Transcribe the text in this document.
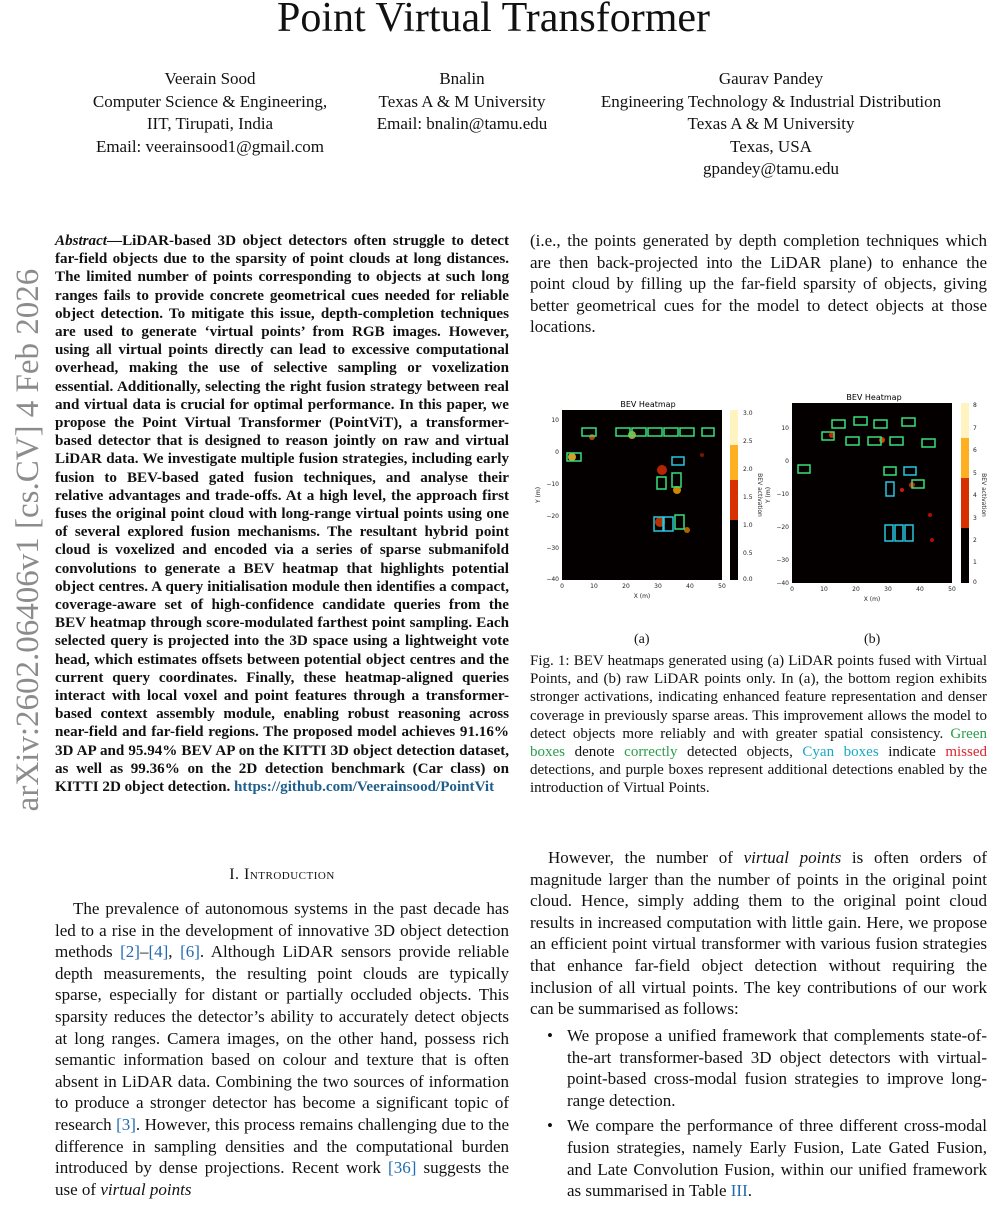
Point Virtual Transformer
Veerain Sood
Computer Science & Engineering,
IIT, Tirupati, India
Email: veerainsood1@gmail.com
Bnalin
Texas A & M University
Email: bnalin@tamu.edu
Gaurav Pandey
Engineering Technology & Industrial Distribution
Texas A & M University
Texas, USA
gpandey@tamu.edu
arXiv:2602.06406v1 [cs.CV] 4 Feb 2026
Abstract—LiDAR-based 3D object detectors often struggle to detect far-field objects due to the sparsity of point clouds at long distances. The limited number of points corresponding to objects at such long ranges fails to provide concrete geometrical cues needed for reliable object detection. To mitigate this issue, depth-completion techniques are used to generate ‘virtual points’ from RGB images. However, using all virtual points directly can lead to excessive computational overhead, making the use of selective sampling or voxelization essential. Additionally, selecting the right fusion strategy between real and virtual data is crucial for optimal performance. In this paper, we propose the Point Virtual Transformer (PointViT), a transformer-based detector that is designed to reason jointly on raw and virtual LiDAR data. We investigate multiple fusion strategies, including early fusion to BEV-based gated fusion techniques, and analyse their relative advantages and trade-offs. At a high level, the approach first fuses the original point cloud with long-range virtual points using one of several explored fusion mechanisms. The resultant hybrid point cloud is voxelized and encoded via a series of sparse submanifold convolutions to generate a BEV heatmap that highlights potential object centres. A query initialisation module then identifies a compact, coverage-aware set of high-confidence candidate queries from the BEV heatmap through score-modulated farthest point sampling. Each selected query is projected into the 3D space using a lightweight vote head, which estimates offsets between potential object centres and the current query coordinates. Finally, these heatmap-aligned queries interact with local voxel and point features through a transformer-based context assembly module, enabling robust reasoning across near-field and far-field regions. The proposed model achieves 91.16% 3D AP and 95.94% BEV AP on the KITTI 3D object detection dataset, as well as 99.36% on the 2D detection benchmark (Car class) on KITTI 2D object detection. https://github.com/Veerainsood/PointVit
I. Introduction
The prevalence of autonomous systems in the past decade has led to a rise in the development of innovative 3D object detection methods [2]–[4], [6]. Although LiDAR sensors provide reliable depth measurements, the resulting point clouds are typically sparse, especially for distant or partially occluded objects. This sparsity reduces the detector’s ability to accurately detect objects at long ranges. Camera images, on the other hand, possess rich semantic information based on colour and texture that is often absent in LiDAR data. Combining the two sources of information to produce a stronger detector has become a significant topic of research [3]. However, this process remains challenging due to the difference in sampling densities and the computational burden introduced by dense projections. Recent work [36] suggests the use of virtual points
(i.e., the points generated by depth completion techniques which are then back-projected into the LiDAR plane) to enhance the point cloud by filling up the far-field sparsity of objects, giving better geometrical cues for the model to detect objects at those locations.
BEV Heatmap
3.0
2.5
2.0
1.5
1.0
0.5
0.0
BEV activation
10
0
−10
−20
−30
−40
0	10	20	30	40	50
X (m)
Y (m)
BEV Heatmap
8
7
6
5
4
3
2
1
0
BEV activation
10
0
−10
−20
−30
−40
0	10	20	30	40	50
X (m)
Y (m)
(a)	(b)
Fig. 1: BEV heatmaps generated using (a) LiDAR points fused with Virtual Points, and (b) raw LiDAR points only. In (a), the bottom region exhibits stronger activations, indicating enhanced feature representation and denser coverage in previously sparse areas. This improvement allows the model to detect objects more reliably and with greater spatial consistency. Green boxes denote correctly detected objects, Cyan boxes indicate missed detections, and purple boxes represent additional detections enabled by the introduction of Virtual Points.
However, the number of virtual points is often orders of magnitude larger than the number of points in the original point cloud. Hence, simply adding them to the original point cloud results in increased computation with little gain. Here, we propose an efficient point virtual transformer with various fusion strategies that enhance far-field object detection without requiring the inclusion of all virtual points. The key contributions of our work can be summarised as follows:
• We propose a unified framework that complements state-of-the-art transformer-based 3D object detectors with virtual-point-based cross-modal fusion strategies to improve long-range detection.
• We compare the performance of three different cross-modal fusion strategies, namely Early Fusion, Late Gated Fusion, and Late Convolution Fusion, within our unified framework as summarised in Table III.
